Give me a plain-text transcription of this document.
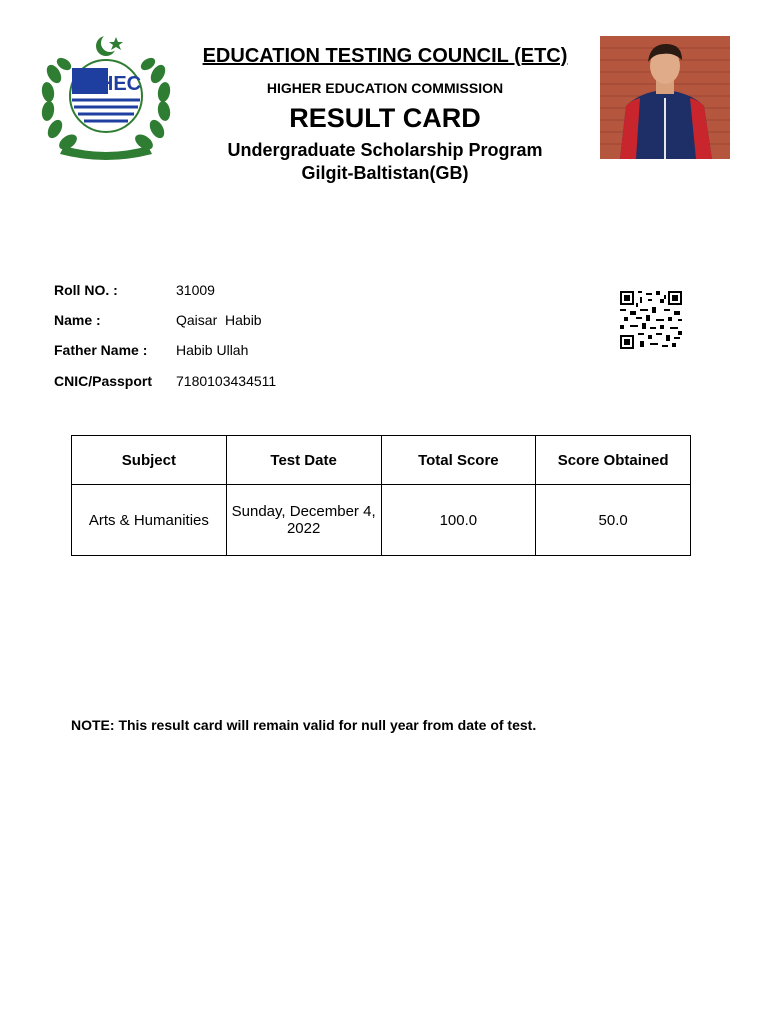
HEC
EDUCATION TESTING COUNCIL (ETC)
HIGHER EDUCATION COMMISSION
RESULT CARD
Undergraduate Scholarship Program
Gilgit-Baltistan(GB)
Roll NO. :	31009
Name :	Qaisar  Habib
Father Name : Habib Ullah
CNIC/Passport 7180103434511
Subject	Test Date	Total Score	Score Obtained
Arts & Humanities	Sunday, December 4, 2022	100.0	50.0
NOTE: This result card will remain valid for null year from date of test.
